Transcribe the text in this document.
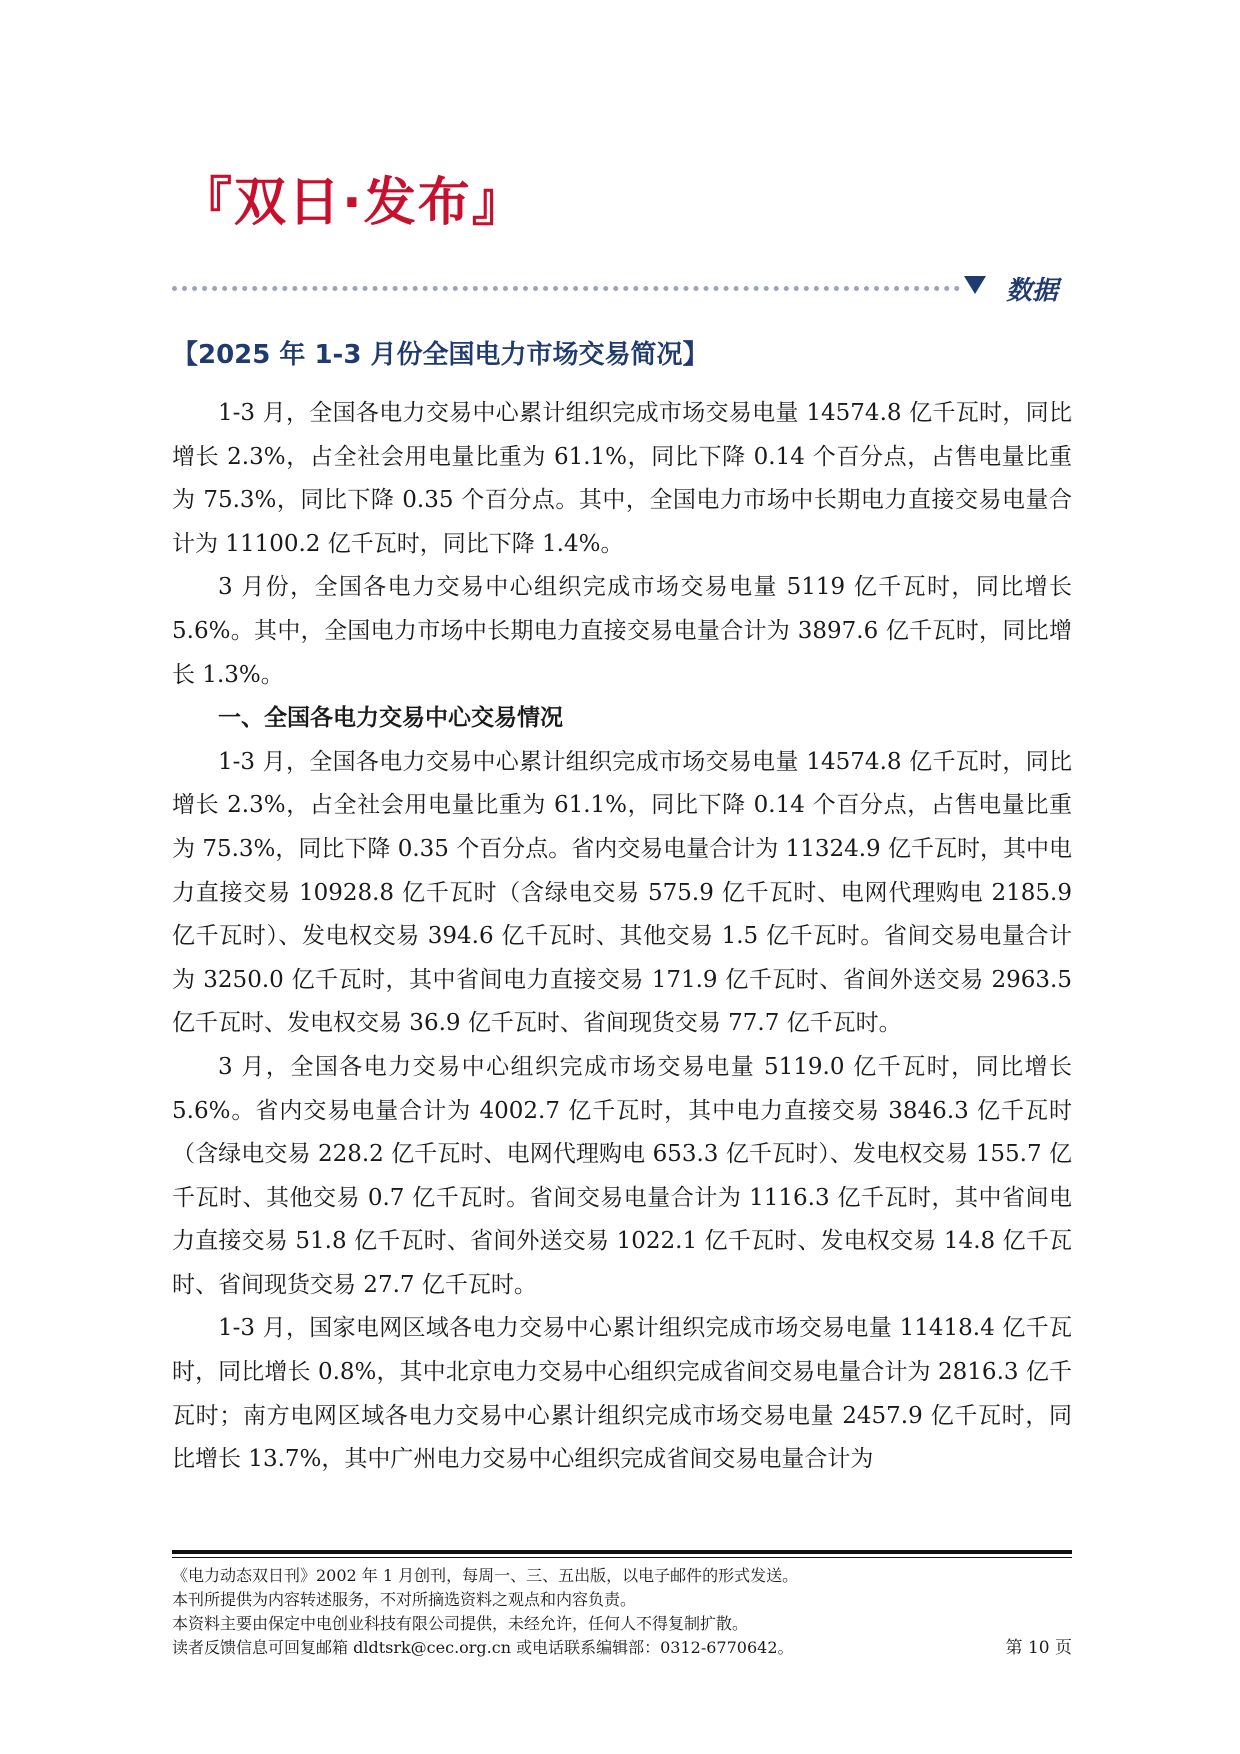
『双日·发布』
数据
【2025 年 1-3 月份全国电力市场交易简况】

1-3 月，全国各电力交易中心累计组织完成市场交易电量 14574.8 亿千瓦时，同比增长 2.3%，占全社会用电量比重为 61.1%，同比下降 0.14 个百分点，占售电量比重为 75.3%，同比下降 0.35 个百分点。其中，全国电力市场中长期电力直接交易电量合计为 11100.2 亿千瓦时，同比下降 1.4%。

3 月份，全国各电力交易中心组织完成市场交易电量 5119 亿千瓦时，同比增长 5.6%。其中，全国电力市场中长期电力直接交易电量合计为 3897.6 亿千瓦时，同比增长 1.3%。

一、全国各电力交易中心交易情况

1-3 月，全国各电力交易中心累计组织完成市场交易电量 14574.8 亿千瓦时，同比增长 2.3%，占全社会用电量比重为 61.1%，同比下降 0.14 个百分点，占售电量比重为 75.3%，同比下降 0.35 个百分点。省内交易电量合计为 11324.9 亿千瓦时，其中电力直接交易 10928.8 亿千瓦时（含绿电交易 575.9 亿千瓦时、电网代理购电 2185.9 亿千瓦时）、发电权交易 394.6 亿千瓦时、其他交易 1.5 亿千瓦时。省间交易电量合计为 3250.0 亿千瓦时，其中省间电力直接交易 171.9 亿千瓦时、省间外送交易 2963.5 亿千瓦时、发电权交易 36.9 亿千瓦时、省间现货交易 77.7 亿千瓦时。

3 月，全国各电力交易中心组织完成市场交易电量 5119.0 亿千瓦时，同比增长 5.6%。省内交易电量合计为 4002.7 亿千瓦时，其中电力直接交易 3846.3 亿千瓦时（含绿电交易 228.2 亿千瓦时、电网代理购电 653.3 亿千瓦时）、发电权交易 155.7 亿千瓦时、其他交易 0.7 亿千瓦时。省间交易电量合计为 1116.3 亿千瓦时，其中省间电力直接交易 51.8 亿千瓦时、省间外送交易 1022.1 亿千瓦时、发电权交易 14.8 亿千瓦时、省间现货交易 27.7 亿千瓦时。

1-3 月，国家电网区域各电力交易中心累计组织完成市场交易电量 11418.4 亿千瓦时，同比增长 0.8%，其中北京电力交易中心组织完成省间交易电量合计为 2816.3 亿千瓦时；南方电网区域各电力交易中心累计组织完成市场交易电量 2457.9 亿千瓦时，同比增长 13.7%，其中广州电力交易中心组织完成省间交易电量合计为

《电力动态双日刊》2002 年 1 月创刊，每周一、三、五出版，以电子邮件的形式发送。
本刊所提供为内容转述服务，不对所摘选资料之观点和内容负责。
本资料主要由保定中电创业科技有限公司提供，未经允许，任何人不得复制扩散。
读者反馈信息可回复邮箱 dldtsrk@cec.org.cn 或电话联系编辑部：0312-6770642。	第 10 页
